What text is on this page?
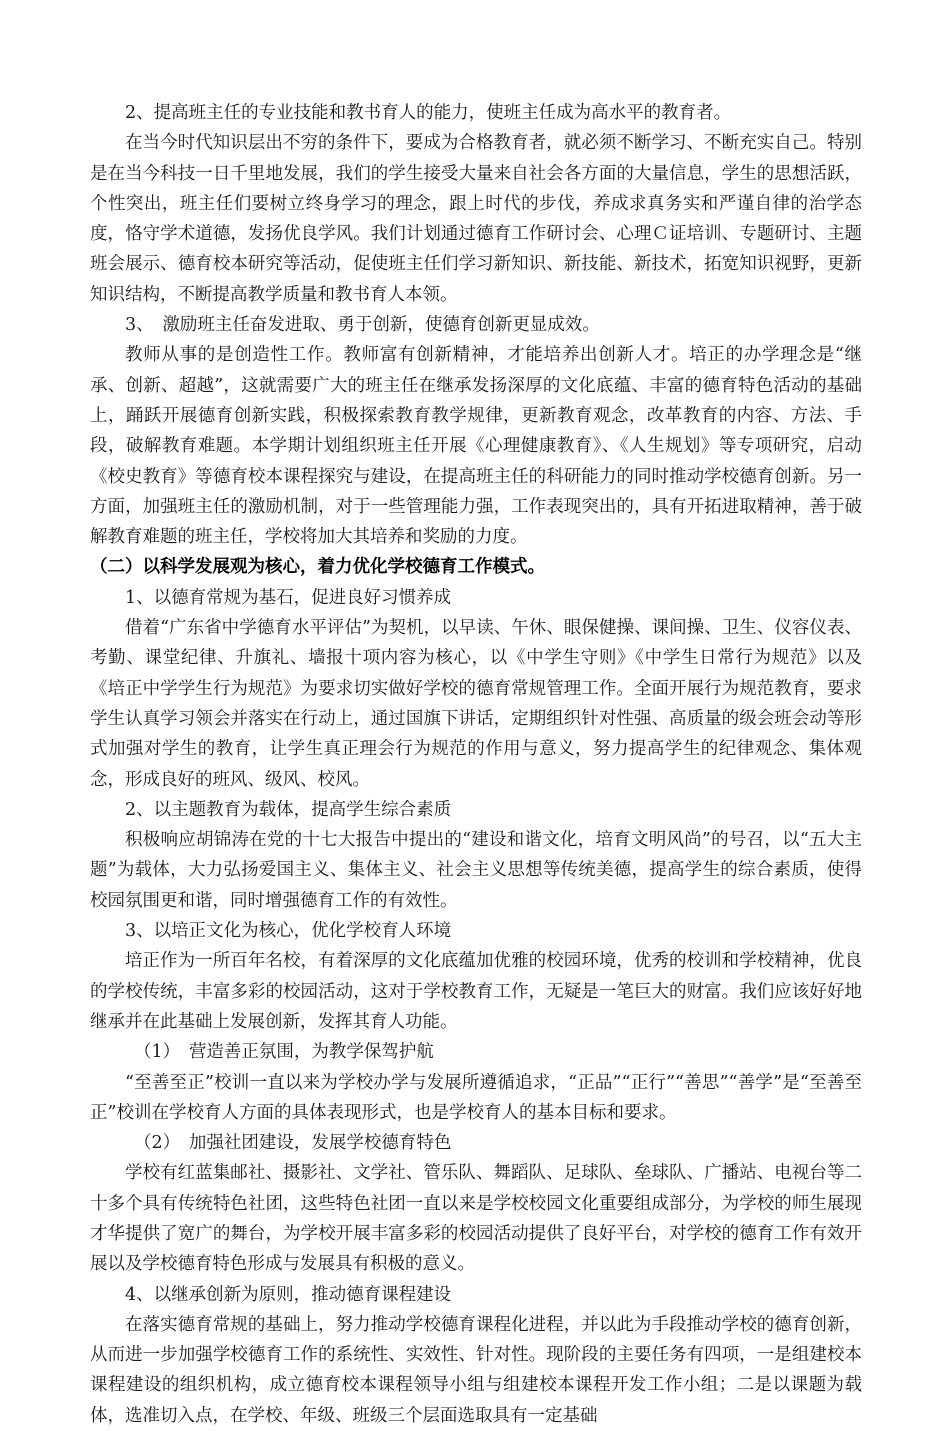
2、提高班主任的专业技能和教书育人的能力，使班主任成为高水平的教育者。

在当今时代知识层出不穷的条件下，要成为合格教育者，就必须不断学习、不断充实自己。特别是在当今科技一日千里地发展，我们的学生接受大量来自社会各方面的大量信息，学生的思想活跃，个性突出，班主任们要树立终身学习的理念，跟上时代的步伐，养成求真务实和严谨自律的治学态度，恪守学术道德，发扬优良学风。我们计划通过德育工作研讨会、心理Ｃ证培训、专题研讨、主题班会展示、德育校本研究等活动，促使班主任们学习新知识、新技能、新技术，拓宽知识视野，更新知识结构，不断提高教学质量和教书育人本领。

3、　激励班主任奋发进取、勇于创新，使德育创新更显成效。

教师从事的是创造性工作。教师富有创新精神，才能培养出创新人才。培正的办学理念是“继承、创新、超越”，这就需要广大的班主任在继承发扬深厚的文化底蕴、丰富的德育特色活动的基础上，踊跃开展德育创新实践，积极探索教育教学规律，更新教育观念，改革教育的内容、方法、手段，破解教育难题。本学期计划组织班主任开展《心理健康教育》、《人生规划》等专项研究，启动《校史教育》等德育校本课程探究与建设，在提高班主任的科研能力的同时推动学校德育创新。另一方面，加强班主任的激励机制，对于一些管理能力强，工作表现突出的，具有开拓进取精神，善于破解教育难题的班主任，学校将加大其培养和奖励的力度。

（二）以科学发展观为核心，着力优化学校德育工作模式。

1、以德育常规为基石，促进良好习惯养成

借着“广东省中学德育水平评估”为契机，以早读、午休、眼保健操、课间操、卫生、仪容仪表、考勤、课堂纪律、升旗礼、墙报十项内容为核心，以《中学生守则》《中学生日常行为规范》以及《培正中学学生行为规范》为要求切实做好学校的德育常规管理工作。全面开展行为规范教育，要求学生认真学习领会并落实在行动上，通过国旗下讲话，定期组织针对性强、高质量的级会班会动等形式加强对学生的教育，让学生真正理会行为规范的作用与意义，努力提高学生的纪律观念、集体观念，形成良好的班风、级风、校风。

2、以主题教育为载体，提高学生综合素质

积极响应胡锦涛在党的十七大报告中提出的“建设和谐文化，培育文明风尚”的号召，以“五大主题”为载体，大力弘扬爱国主义、集体主义、社会主义思想等传统美德，提高学生的综合素质，使得校园氛围更和谐，同时增强德育工作的有效性。

3、以培正文化为核心，优化学校育人环境

培正作为一所百年名校，有着深厚的文化底蕴加优雅的校园环境，优秀的校训和学校精神，优良的学校传统，丰富多彩的校园活动，这对于学校教育工作，无疑是一笔巨大的财富。我们应该好好地继承并在此基础上发展创新，发挥其育人功能。

（1）　营造善正氛围，为教学保驾护航

“至善至正”校训一直以来为学校办学与发展所遵循追求，“正品”“正行”“善思”“善学”是“至善至正”校训在学校育人方面的具体表现形式，也是学校育人的基本目标和要求。

（2）　加强社团建设，发展学校德育特色

学校有红蓝集邮社、摄影社、文学社、管乐队、舞蹈队、足球队、垒球队、广播站、电视台等二十多个具有传统特色社团，这些特色社团一直以来是学校校园文化重要组成部分，为学校的师生展现才华提供了宽广的舞台，为学校开展丰富多彩的校园活动提供了良好平台，对学校的德育工作有效开展以及学校德育特色形成与发展具有积极的意义。

4、以继承创新为原则，推动德育课程建设

在落实德育常规的基础上，努力推动学校德育课程化进程，并以此为手段推动学校的德育创新，从而进一步加强学校德育工作的系统性、实效性、针对性。现阶段的主要任务有四项，一是组建校本课程建设的组织机构，成立德育校本课程领导小组与组建校本课程开发工作小组；二是以课题为载体，选准切入点，在学校、年级、班级三个层面选取具有一定基础
